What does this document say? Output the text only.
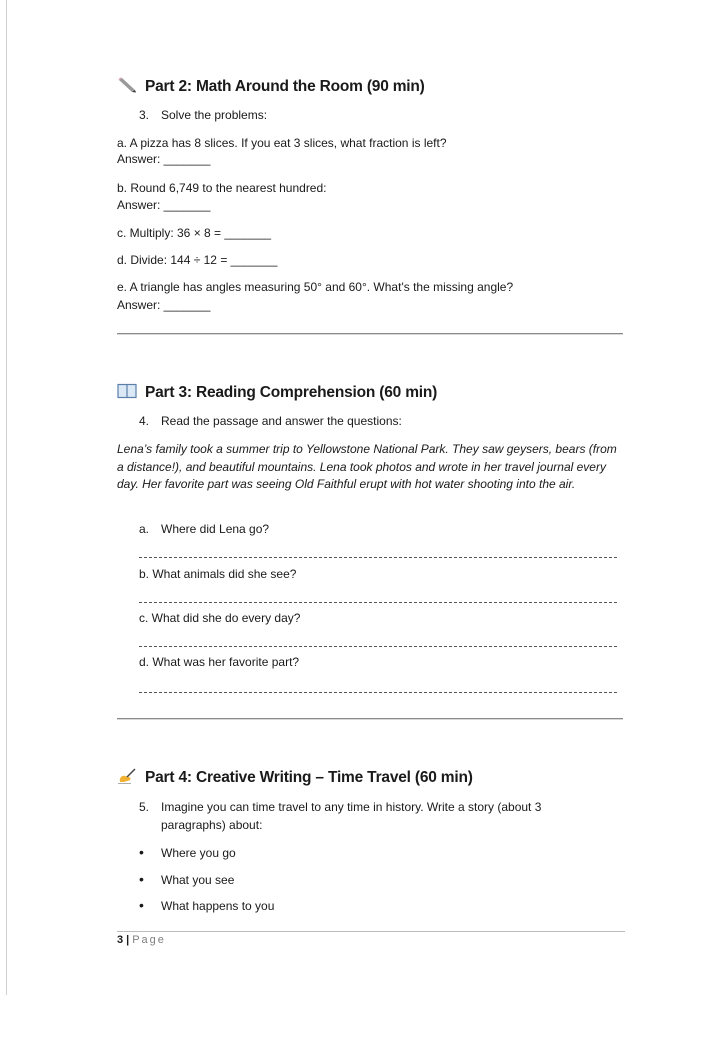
Part 2: Math Around the Room (90 min)
3. Solve the problems:
a. A pizza has 8 slices. If you eat 3 slices, what fraction is left?
Answer: _______
b. Round 6,749 to the nearest hundred:
Answer: _______
c. Multiply: 36 × 8 = _______
d. Divide: 144 ÷ 12 = _______
e. A triangle has angles measuring 50° and 60°. What's the missing angle?
Answer: _______
Part 3: Reading Comprehension (60 min)
4. Read the passage and answer the questions:
Lena’s family took a summer trip to Yellowstone National Park. They saw geysers, bears (from a distance!), and beautiful mountains. Lena took photos and wrote in her travel journal every day. Her favorite part was seeing Old Faithful erupt with hot water shooting into the air.
a. Where did Lena go?
b. What animals did she see?
c. What did she do every day?
d. What was her favorite part?
Part 4: Creative Writing – Time Travel (60 min)
5. Imagine you can time travel to any time in history. Write a story (about 3
paragraphs) about:
• Where you go
• What you see
• What happens to you
3 | Page
